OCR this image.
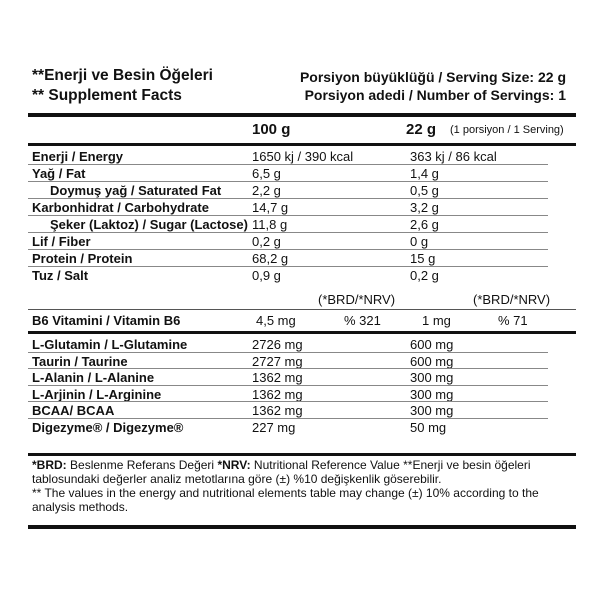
**Enerji ve Besin Öğeleri
** Supplement Facts
Porsiyon büyüklüğü / Serving Size: 22 g
Porsiyon adedi / Number of Servings: 1
100 g	22 g (1 porsiyon / 1 Serving)
Enerji / Energy	1650 kj / 390 kcal	363 kj / 86 kcal
Yağ / Fat	6,5 g	1,4 g
Doymuş yağ / Saturated Fat 2,2 g	0,5 g
Karbonhidrat / Carbohydrate	14,7 g	3,2 g
Şeker (Laktoz) / Sugar (Lactose) 11,8 g	2,6 g
Lif / Fiber	0,2 g	0 g
Protein / Protein	68,2 g	15 g
Tuz / Salt	0,9 g	0,2 g
(*BRD/*NRV)	(*BRD/*NRV)
B6 Vitamini / Vitamin B6	4,5 mg	% 321	1 mg	% 71
L-Glutamin / L-Glutamine	2726 mg	600 mg
Taurin / Taurine	2727 mg	600 mg
L-Alanin / L-Alanine	1362 mg	300 mg
L-Arjinin / L-Arginine	1362 mg	300 mg
BCAA/ BCAA	1362 mg	300 mg
Digezyme® / Digezyme®	227 mg	50 mg
*BRD: Beslenme Referans Değeri *NRV: Nutritional Reference Value **Enerji ve besin öğeleri tablosundaki değerler analiz metotlarına göre (±) %10 değişkenlik göserebilir.
** The values in the energy and nutritional elements table may change (±) 10% according to the analysis methods.
